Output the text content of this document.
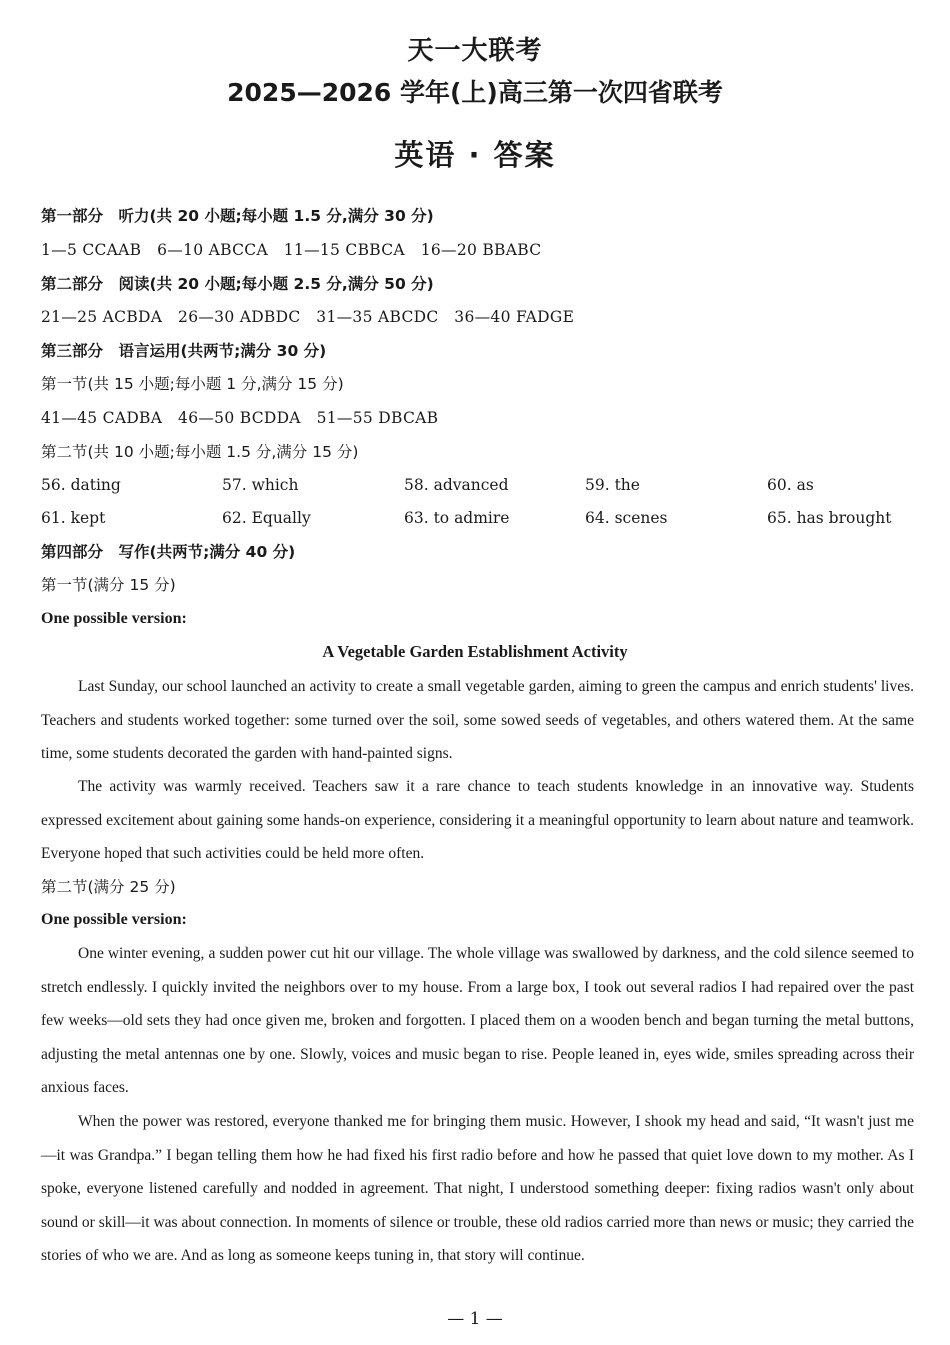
天一大联考
2025—2026 学年(上)高三第一次四省联考
英语 · 答案
第一部分　听力(共 20 小题;每小题 1.5 分,满分 30 分)
1—5 CCAAB　6—10 ABCCA　11—15 CBBCA　16—20 BBABC
第二部分　阅读(共 20 小题;每小题 2.5 分,满分 50 分)
21—25 ACBDA　26—30 ADBDC　31—35 ABCDC　36—40 FADGE
第三部分　语言运用(共两节;满分 30 分)
第一节(共 15 小题;每小题 1 分,满分 15 分)
41—45 CADBA　46—50 BCDDA　51—55 DBCAB
第二节(共 10 小题;每小题 1.5 分,满分 15 分)
56. dating	57. which	58. advanced	59. the	60. as
61. kept	62. Equally	63. to admire	64. scenes	65. has brought
第四部分　写作(共两节;满分 40 分)
第一节(满分 15 分)
One possible version:
A Vegetable Garden Establishment Activity
Last Sunday, our school launched an activity to create a small vegetable garden, aiming to green the campus and enrich students' lives. Teachers and students worked together: some turned over the soil, some sowed seeds of vegetables, and others watered them. At the same time, some students decorated the garden with hand-painted signs.
The activity was warmly received. Teachers saw it a rare chance to teach students knowledge in an innovative way. Students expressed excitement about gaining some hands-on experience, considering it a meaningful opportunity to learn about nature and teamwork. Everyone hoped that such activities could be held more often.
第二节(满分 25 分)
One possible version:
One winter evening, a sudden power cut hit our village. The whole village was swallowed by darkness, and the cold silence seemed to stretch endlessly. I quickly invited the neighbors over to my house. From a large box, I took out several radios I had repaired over the past few weeks—old sets they had once given me, broken and forgotten. I placed them on a wooden bench and began turning the metal buttons, adjusting the metal antennas one by one. Slowly, voices and music began to rise. People leaned in, eyes wide, smiles spreading across their anxious faces.
When the power was restored, everyone thanked me for bringing them music. However, I shook my head and said, “It wasn't just me—it was Grandpa.” I began telling them how he had fixed his first radio before and how he passed that quiet love down to my mother. As I spoke, everyone listened carefully and nodded in agreement. That night, I understood something deeper: fixing radios wasn't only about sound or skill—it was about connection. In moments of silence or trouble, these old radios carried more than news or music; they carried the stories of who we are. And as long as someone keeps tuning in, that story will continue.
— 1 —
